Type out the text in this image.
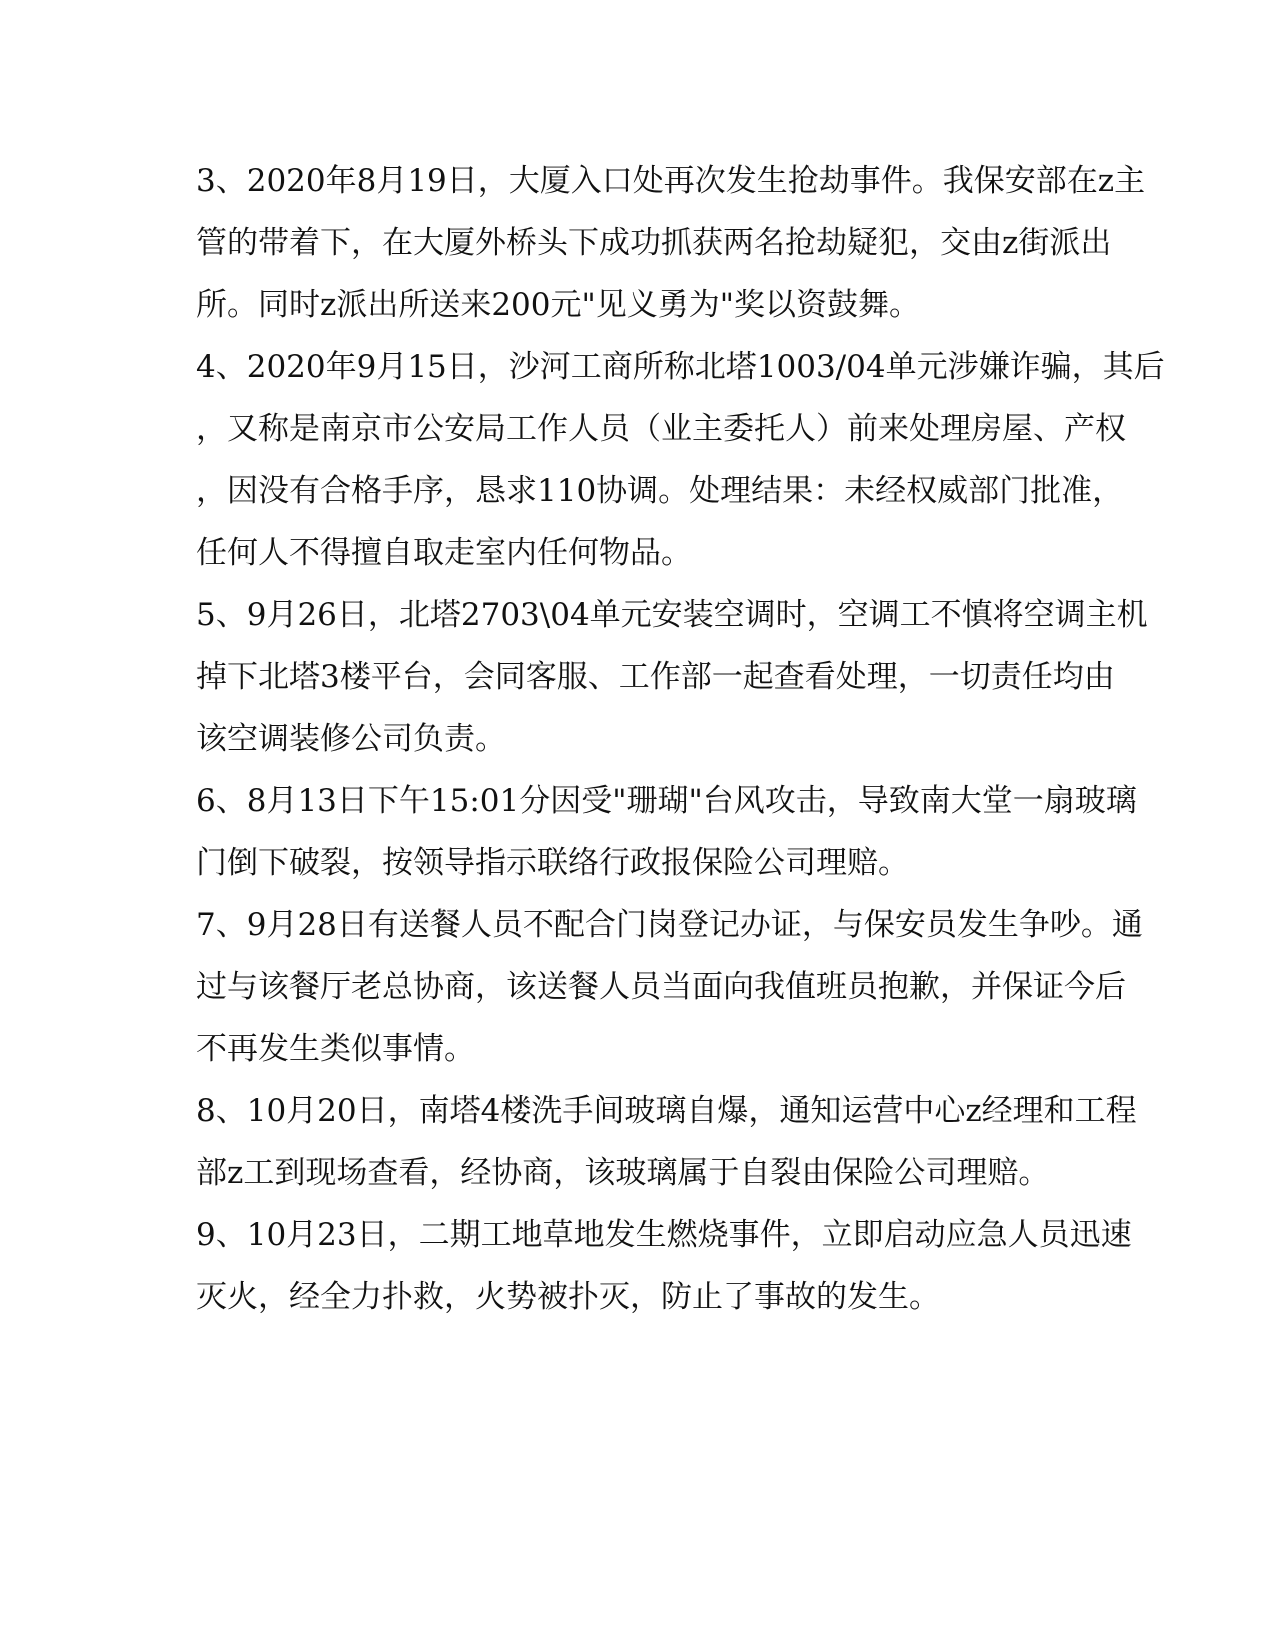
3、2020年8月19日，大厦入口处再次发生抢劫事件。我保安部在z主
管的带着下，在大厦外桥头下成功抓获两名抢劫疑犯，交由z街派出
所。同时z派出所送来200元"见义勇为"奖以资鼓舞。
4、2020年9月15日，沙河工商所称北塔1003/04单元涉嫌诈骗，其后
，又称是南京市公安局工作人员（业主委托人）前来处理房屋、产权
，因没有合格手序，恳求110协调。处理结果：未经权威部门批准，
任何人不得擅自取走室内任何物品。
5、9月26日，北塔2703\04单元安装空调时，空调工不慎将空调主机
掉下北塔3楼平台，会同客服、工作部一起查看处理，一切责任均由
该空调装修公司负责。
6、8月13日下午15:01分因受"珊瑚"台风攻击，导致南大堂一扇玻璃
门倒下破裂，按领导指示联络行政报保险公司理赔。
7、9月28日有送餐人员不配合门岗登记办证，与保安员发生争吵。通
过与该餐厅老总协商，该送餐人员当面向我值班员抱歉，并保证今后
不再发生类似事情。
8、10月20日，南塔4楼洗手间玻璃自爆，通知运营中心z经理和工程
部z工到现场查看，经协商，该玻璃属于自裂由保险公司理赔。
9、10月23日，二期工地草地发生燃烧事件，立即启动应急人员迅速
灭火，经全力扑救，火势被扑灭，防止了事故的发生。
